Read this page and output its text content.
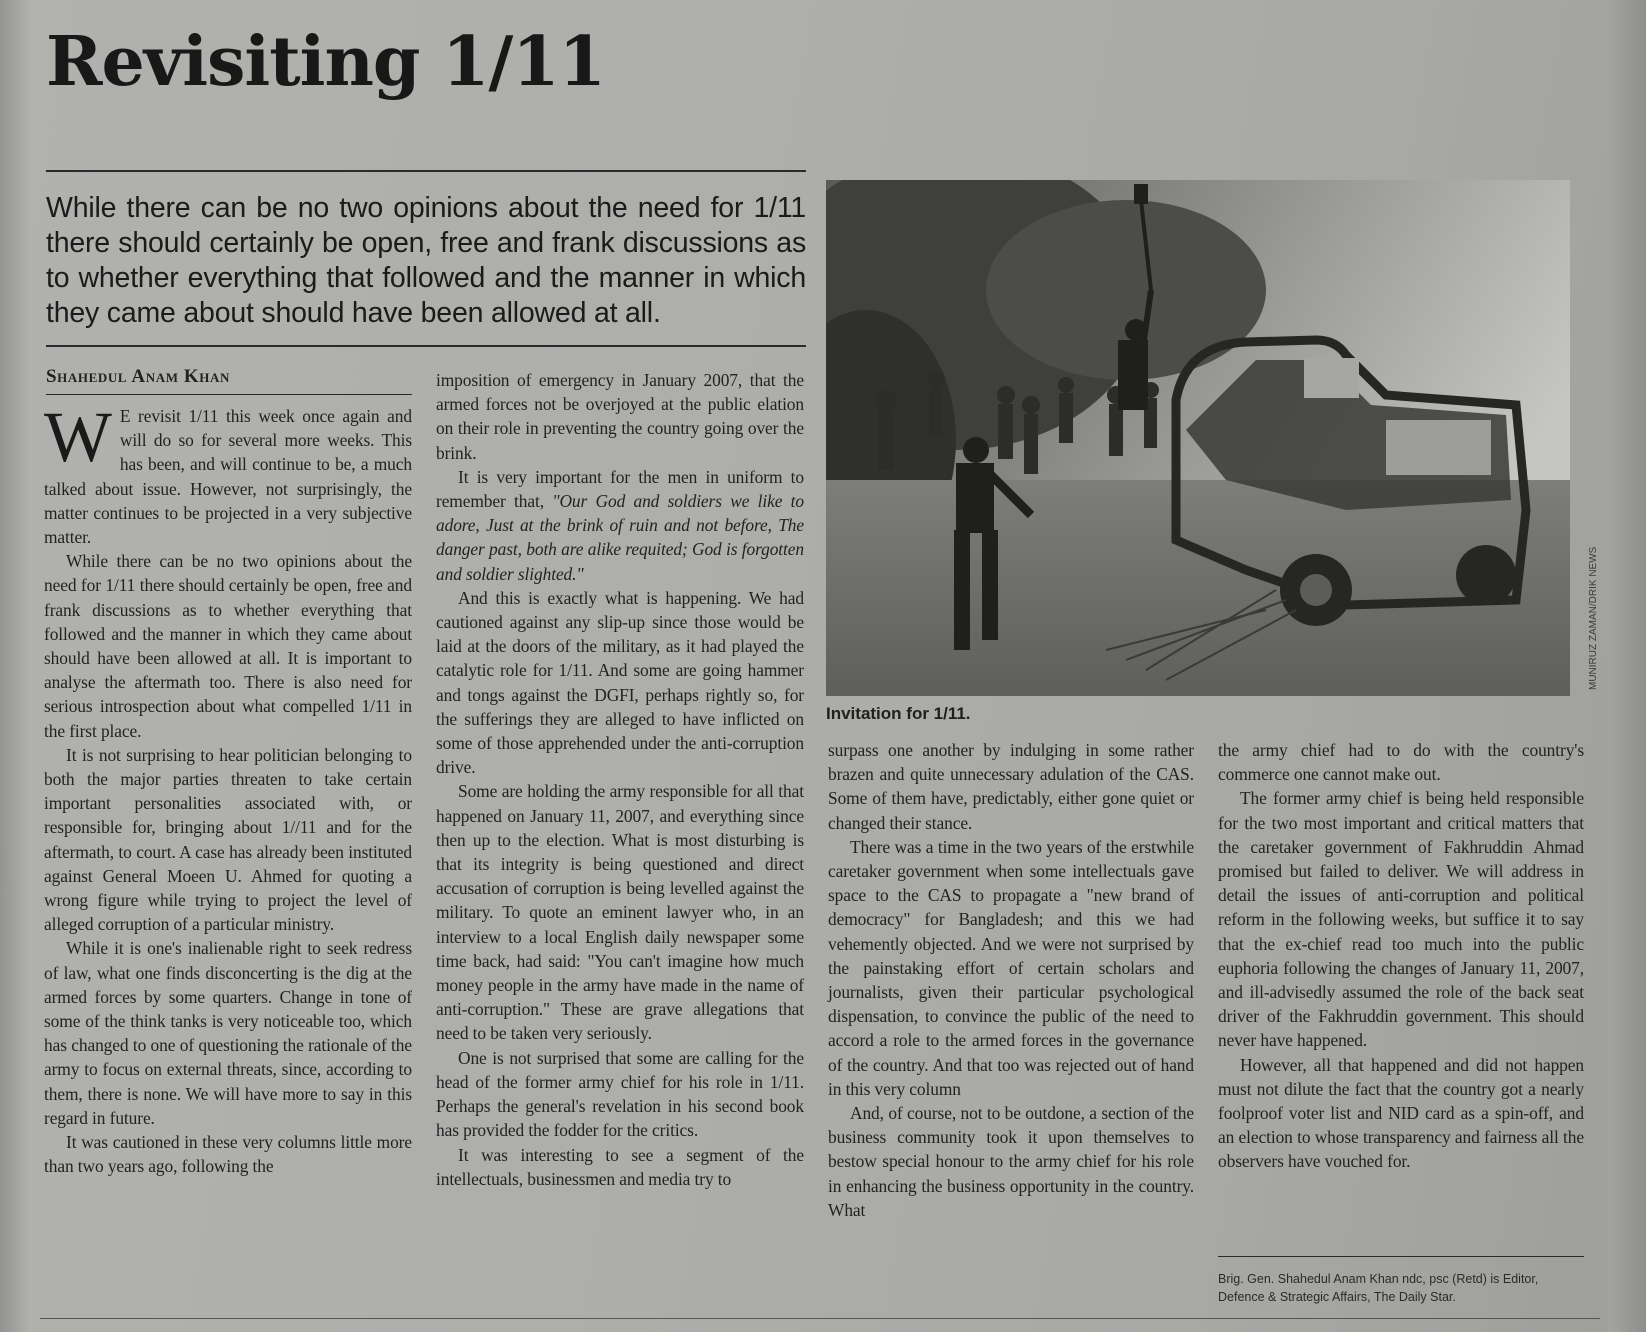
Revisiting 1/11

While there can be no two opinions about the need for 1/11 there should certainly be open, free and frank discussions as to whether everything that followed and the manner in which they came about should have been allowed at all.

Shahedul Anam Khan

W E revisit 1/11 this week once again and will do so for several more weeks. This has been, and will continue to be, a much talked about issue. However, not surprisingly, the matter continues to be projected in a very subjective matter.

While there can be no two opinions about the need for 1/11 there should certainly be open, free and frank discussions as to whether everything that followed and the manner in which they came about should have been allowed at all. It is important to analyse the aftermath too. There is also need for serious introspection about what compelled 1/11 in the first place.

It is not surprising to hear politician belonging to both the major parties threaten to take certain important personalities associated with, or responsible for, bringing about 1//11 and for the aftermath, to court. A case has already been instituted against General Moeen U. Ahmed for quoting a wrong figure while trying to project the level of alleged corruption of a particular ministry.

While it is one's inalienable right to seek redress of law, what one finds disconcerting is the dig at the armed forces by some quarters. Change in tone of some of the think tanks is very noticeable too, which has changed to one of questioning the rationale of the army to focus on external threats, since, according to them, there is none. We will have more to say in this regard in future.

It was cautioned in these very columns little more than two years ago, following the

imposition of emergency in January 2007, that the armed forces not be overjoyed at the public elation on their role in preventing the country going over the brink.

It is very important for the men in uniform to remember that, "Our God and soldiers we like to adore, Just at the brink of ruin and not before, The danger past, both are alike requited; God is forgotten and soldier slighted."

And this is exactly what is happening. We had cautioned against any slip-up since those would be laid at the doors of the military, as it had played the catalytic role for 1/11. And some are going hammer and tongs against the DGFI, perhaps rightly so, for the sufferings they are alleged to have inflicted on some of those apprehended under the anti-corruption drive.

Some are holding the army responsible for all that happened on January 11, 2007, and everything since then up to the election. What is most disturbing is that its integrity is being questioned and direct accusation of corruption is being levelled against the military. To quote an eminent lawyer who, in an interview to a local English daily newspaper some time back, had said: "You can't imagine how much money people in the army have made in the name of anti-corruption." These are grave allegations that need to be taken very seriously.

One is not surprised that some are calling for the head of the former army chief for his role in 1/11. Perhaps the general's revelation in his second book has provided the fodder for the critics.

It was interesting to see a segment of the intellectuals, businessmen and media try to

Invitation for 1/11.

MUNIRUZ ZAMAN/DRIK NEWS

surpass one another by indulging in some rather brazen and quite unnecessary adulation of the CAS. Some of them have, predictably, either gone quiet or changed their stance.

There was a time in the two years of the erstwhile caretaker government when some intellectuals gave space to the CAS to propagate a "new brand of democracy" for Bangladesh; and this we had vehemently objected. And we were not surprised by the painstaking effort of certain scholars and journalists, given their particular psychological dispensation, to convince the public of the need to accord a role to the armed forces in the governance of the country. And that too was rejected out of hand in this very column

And, of course, not to be outdone, a section of the business community took it upon themselves to bestow special honour to the army chief for his role in enhancing the business opportunity in the country. What

the army chief had to do with the country's commerce one cannot make out.

The former army chief is being held responsible for the two most important and critical matters that the caretaker government of Fakhruddin Ahmad promised but failed to deliver. We will address in detail the issues of anti-corruption and political reform in the following weeks, but suffice it to say that the ex-chief read too much into the public euphoria following the changes of January 11, 2007, and ill-advisedly assumed the role of the back seat driver of the Fakhruddin government. This should never have happened.

However, all that happened and did not happen must not dilute the fact that the country got a nearly foolproof voter list and NID card as a spin-off, and an election to whose transparency and fairness all the observers have vouched for.

Brig. Gen. Shahedul Anam Khan ndc, psc (Retd) is Editor, Defence & Strategic Affairs, The Daily Star.
